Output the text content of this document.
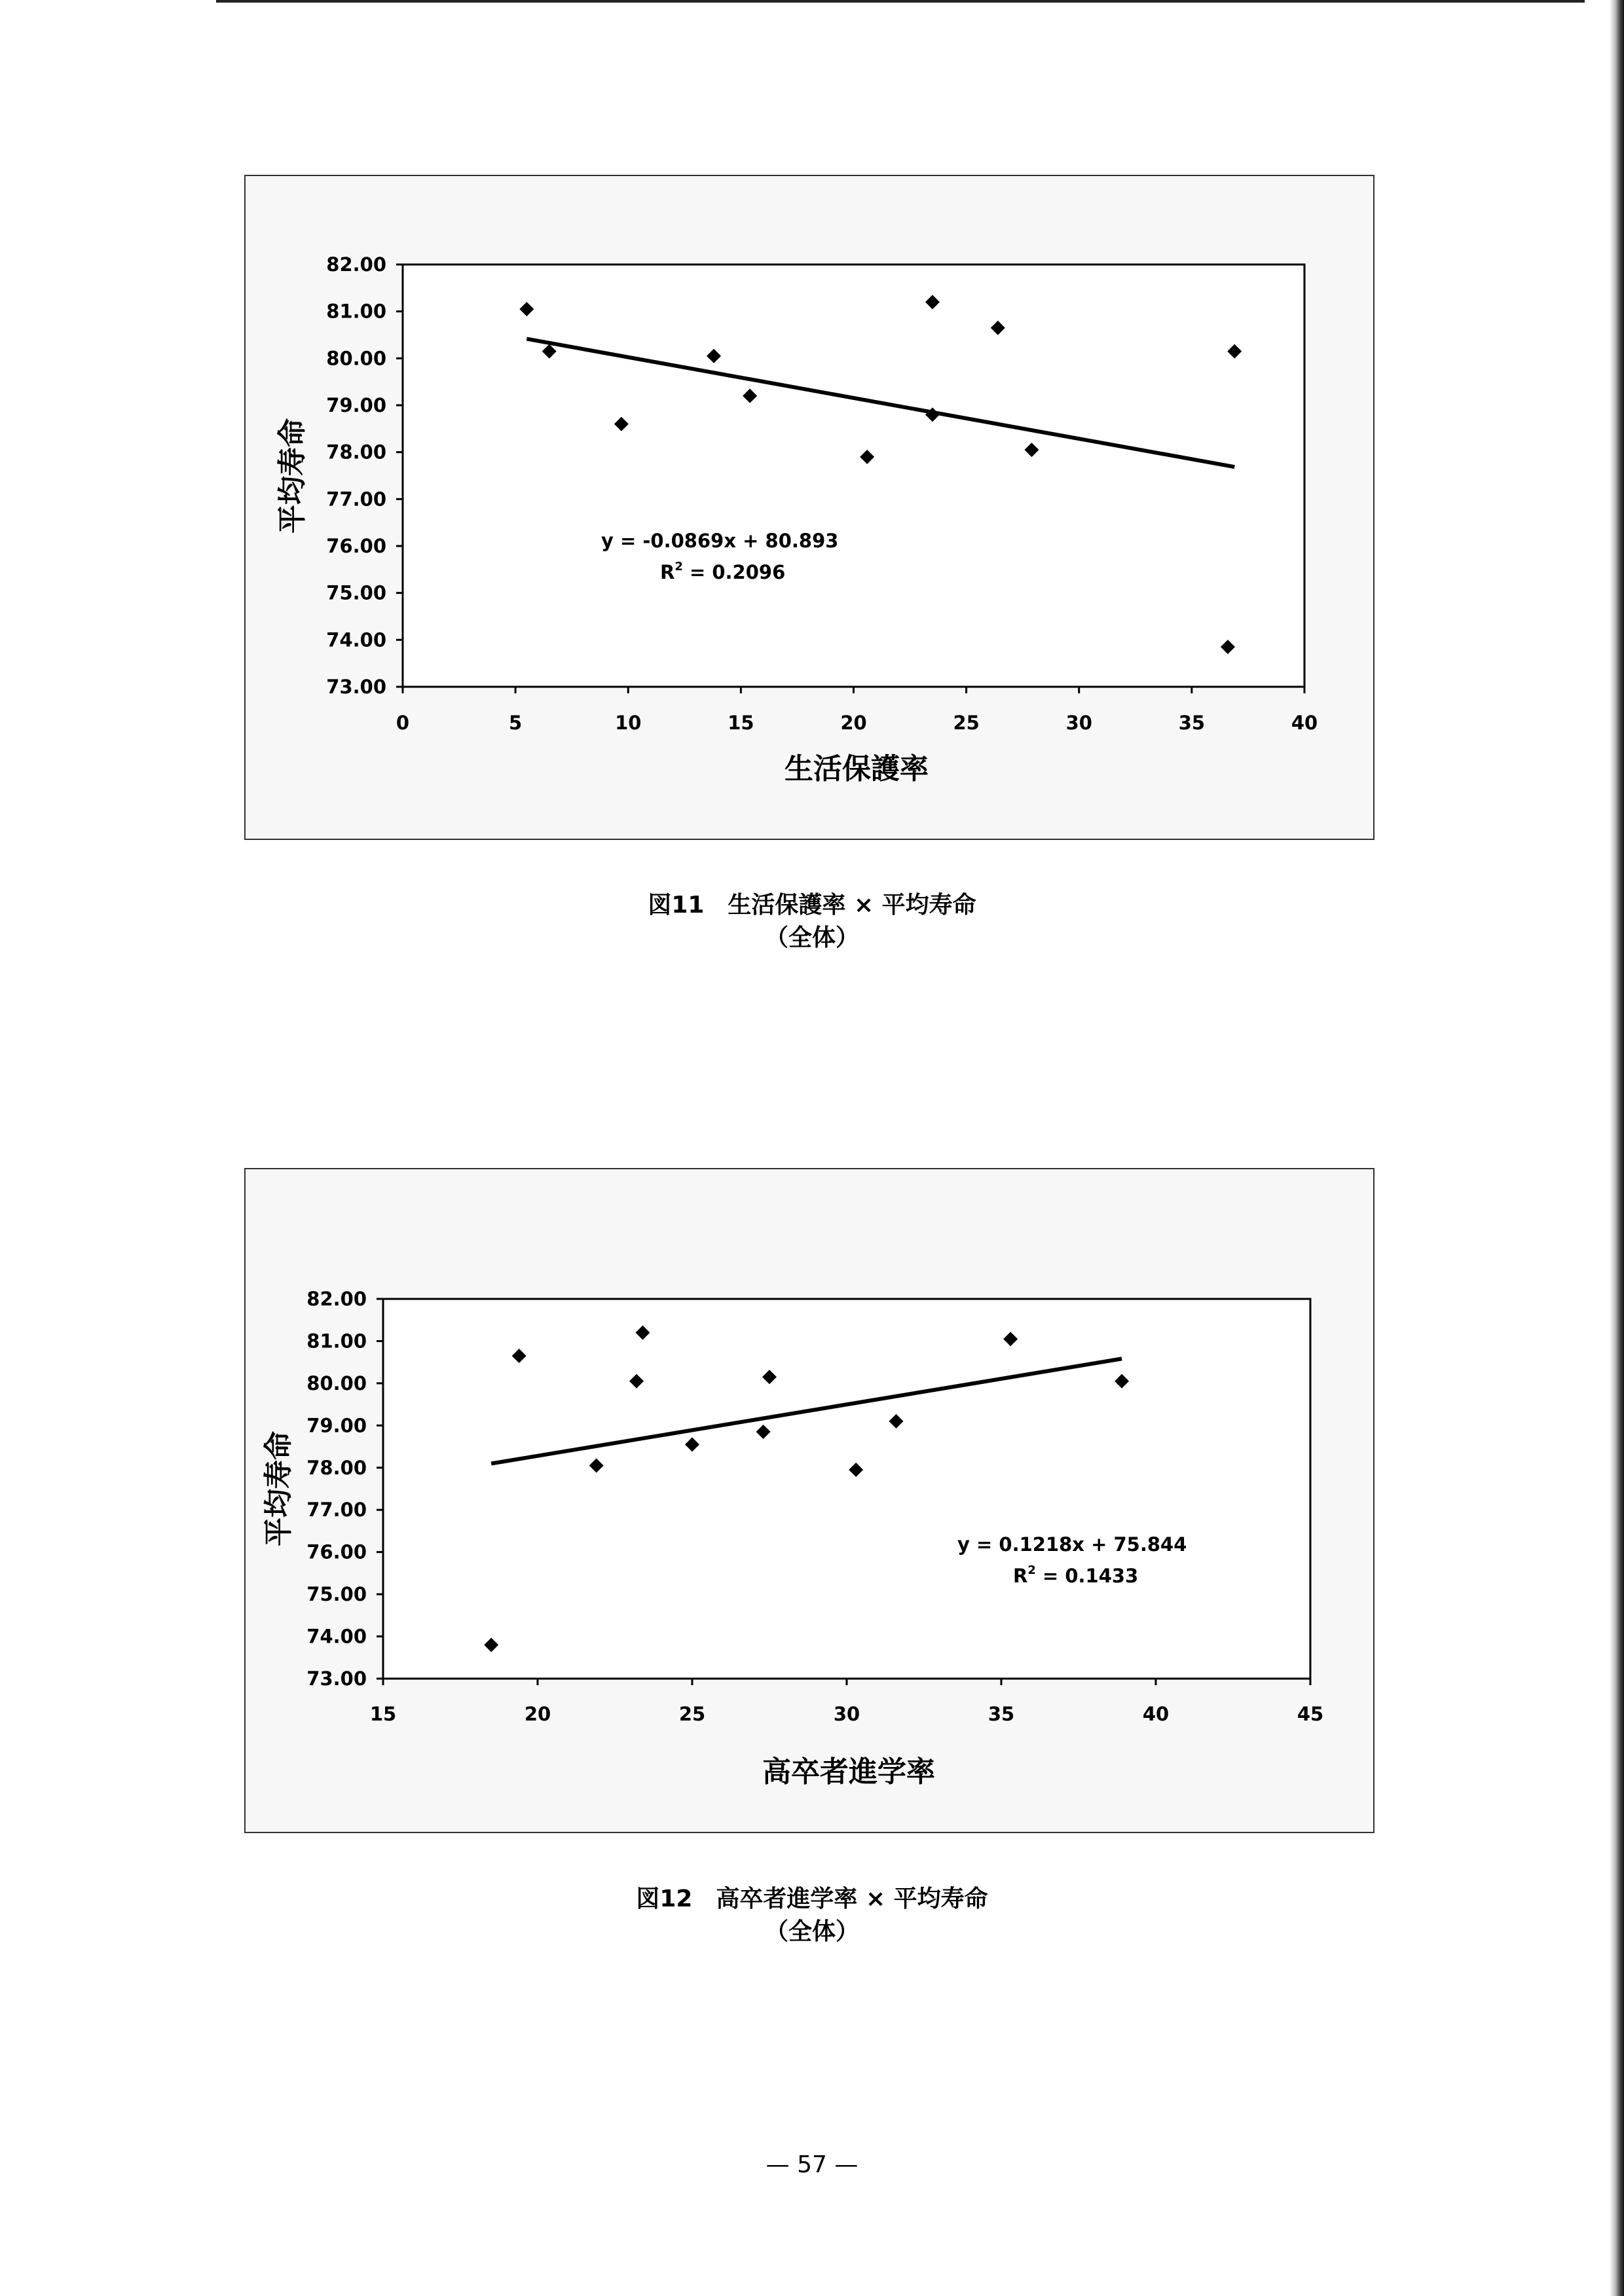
73.00
74.00
75.00
76.00
77.00
78.00
79.00
80.00
81.00
82.00
0	5	10	15	20	25	30	35	40
y = -0.0869x + 80.893
$R^2 = 0.2096$
生活保護率
平均寿命
図11　生活保護率 × 平均寿命
（全体）
73.00
74.00
75.00
76.00
77.00
78.00
79.00
80.00
81.00
82.00
15	20	25	30	35	40	45
y = 0.1218x + 75.844
$R^2 = 0.1433$
高卒者進学率
平均寿命
図12　高卒者進学率 × 平均寿命
（全体）
— 57 —
